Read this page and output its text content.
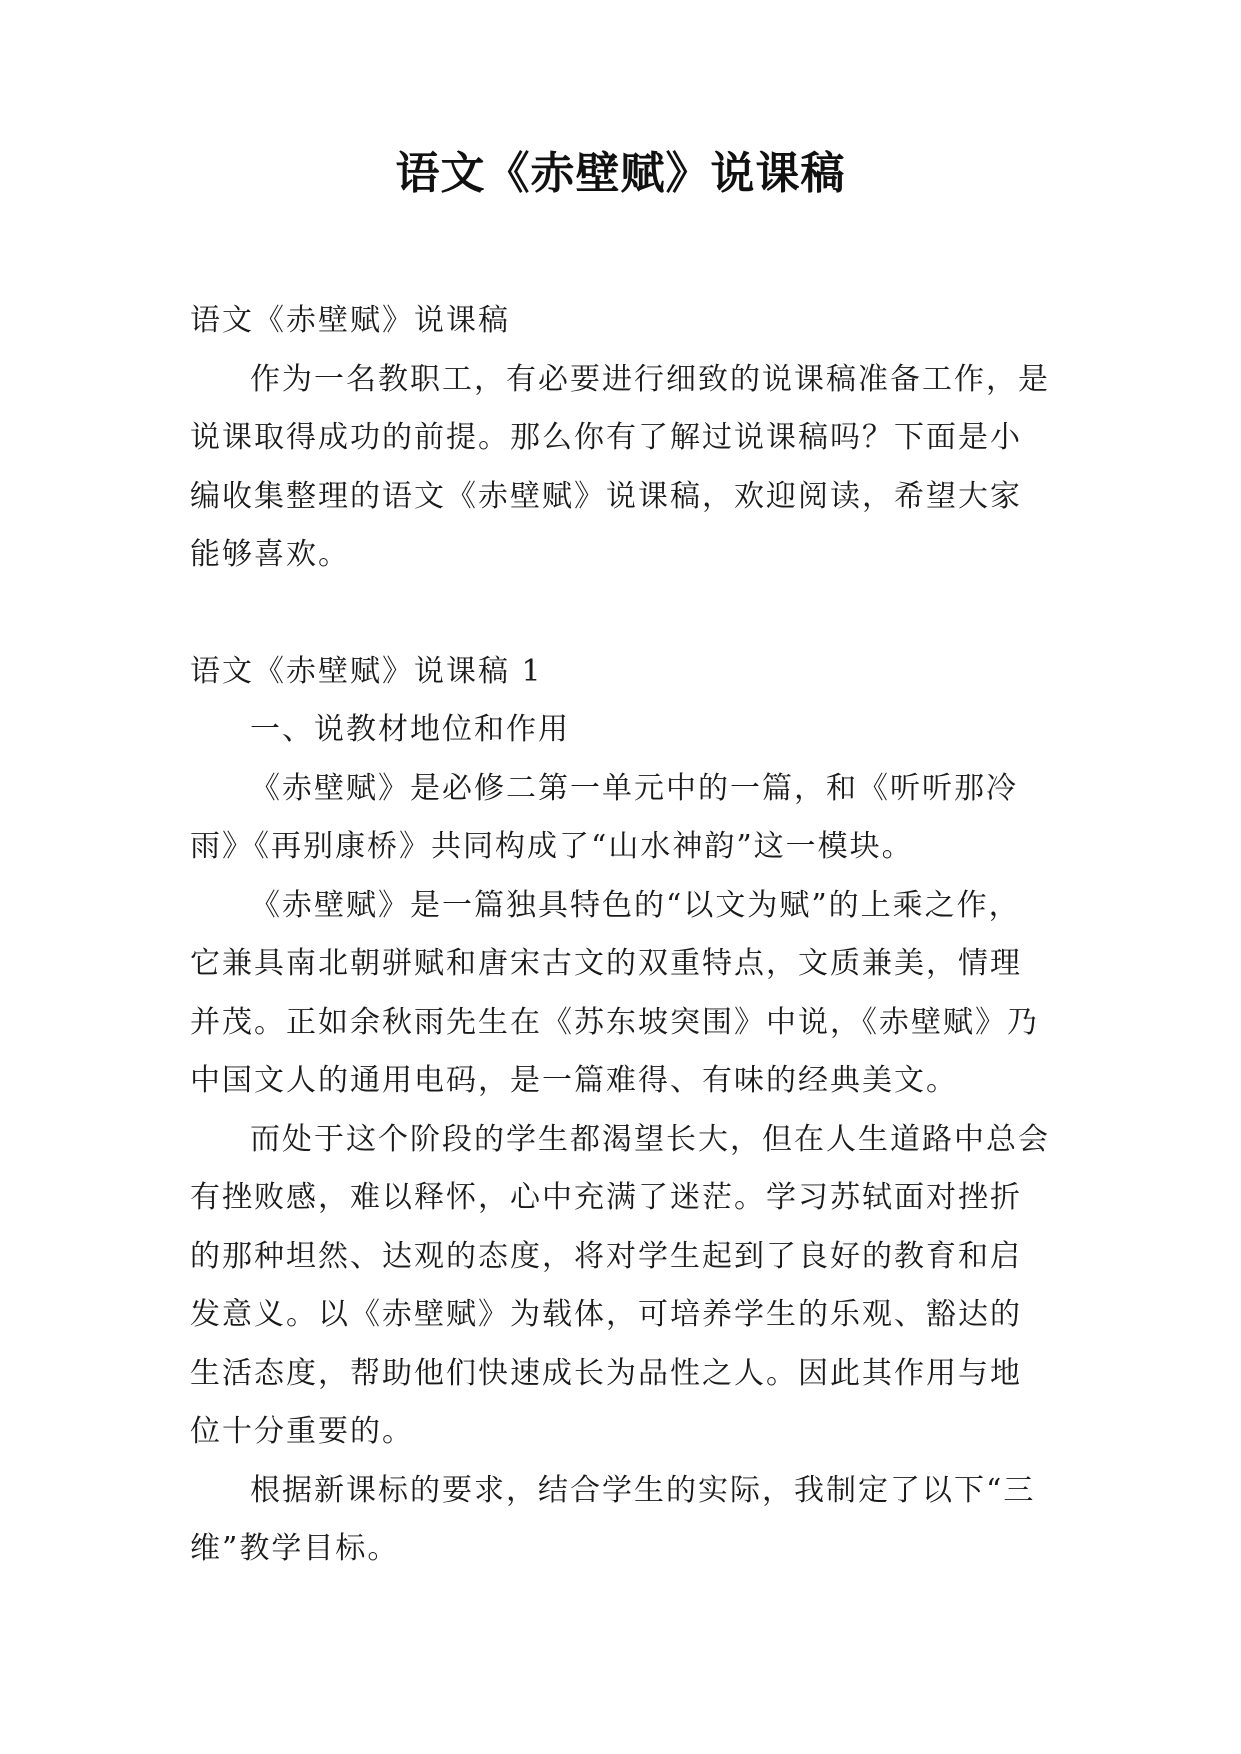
语文《赤壁赋》说课稿

语文《赤壁赋》说课稿

作为一名教职工，有必要进行细致的说课稿准备工作，是说课取得成功的前提。那么你有了解过说课稿吗？下面是小编收集整理的语文《赤壁赋》说课稿，欢迎阅读，希望大家能够喜欢。

语文《赤壁赋》说课稿 1

一、说教材地位和作用

《赤壁赋》是必修二第一单元中的一篇，和《听听那冷雨》《再别康桥》共同构成了“山水神韵”这一模块。

《赤壁赋》是一篇独具特色的“以文为赋”的上乘之作，它兼具南北朝骈赋和唐宋古文的双重特点，文质兼美，情理并茂。正如余秋雨先生在《苏东坡突围》中说，《赤壁赋》乃中国文人的通用电码，是一篇难得、有味的经典美文。

而处于这个阶段的学生都渴望长大，但在人生道路中总会有挫败感，难以释怀，心中充满了迷茫。学习苏轼面对挫折的那种坦然、达观的态度，将对学生起到了良好的教育和启发意义。以《赤壁赋》为载体，可培养学生的乐观、豁达的生活态度，帮助他们快速成长为品性之人。因此其作用与地位十分重要的。

根据新课标的要求，结合学生的实际，我制定了以下“三维”教学目标。
